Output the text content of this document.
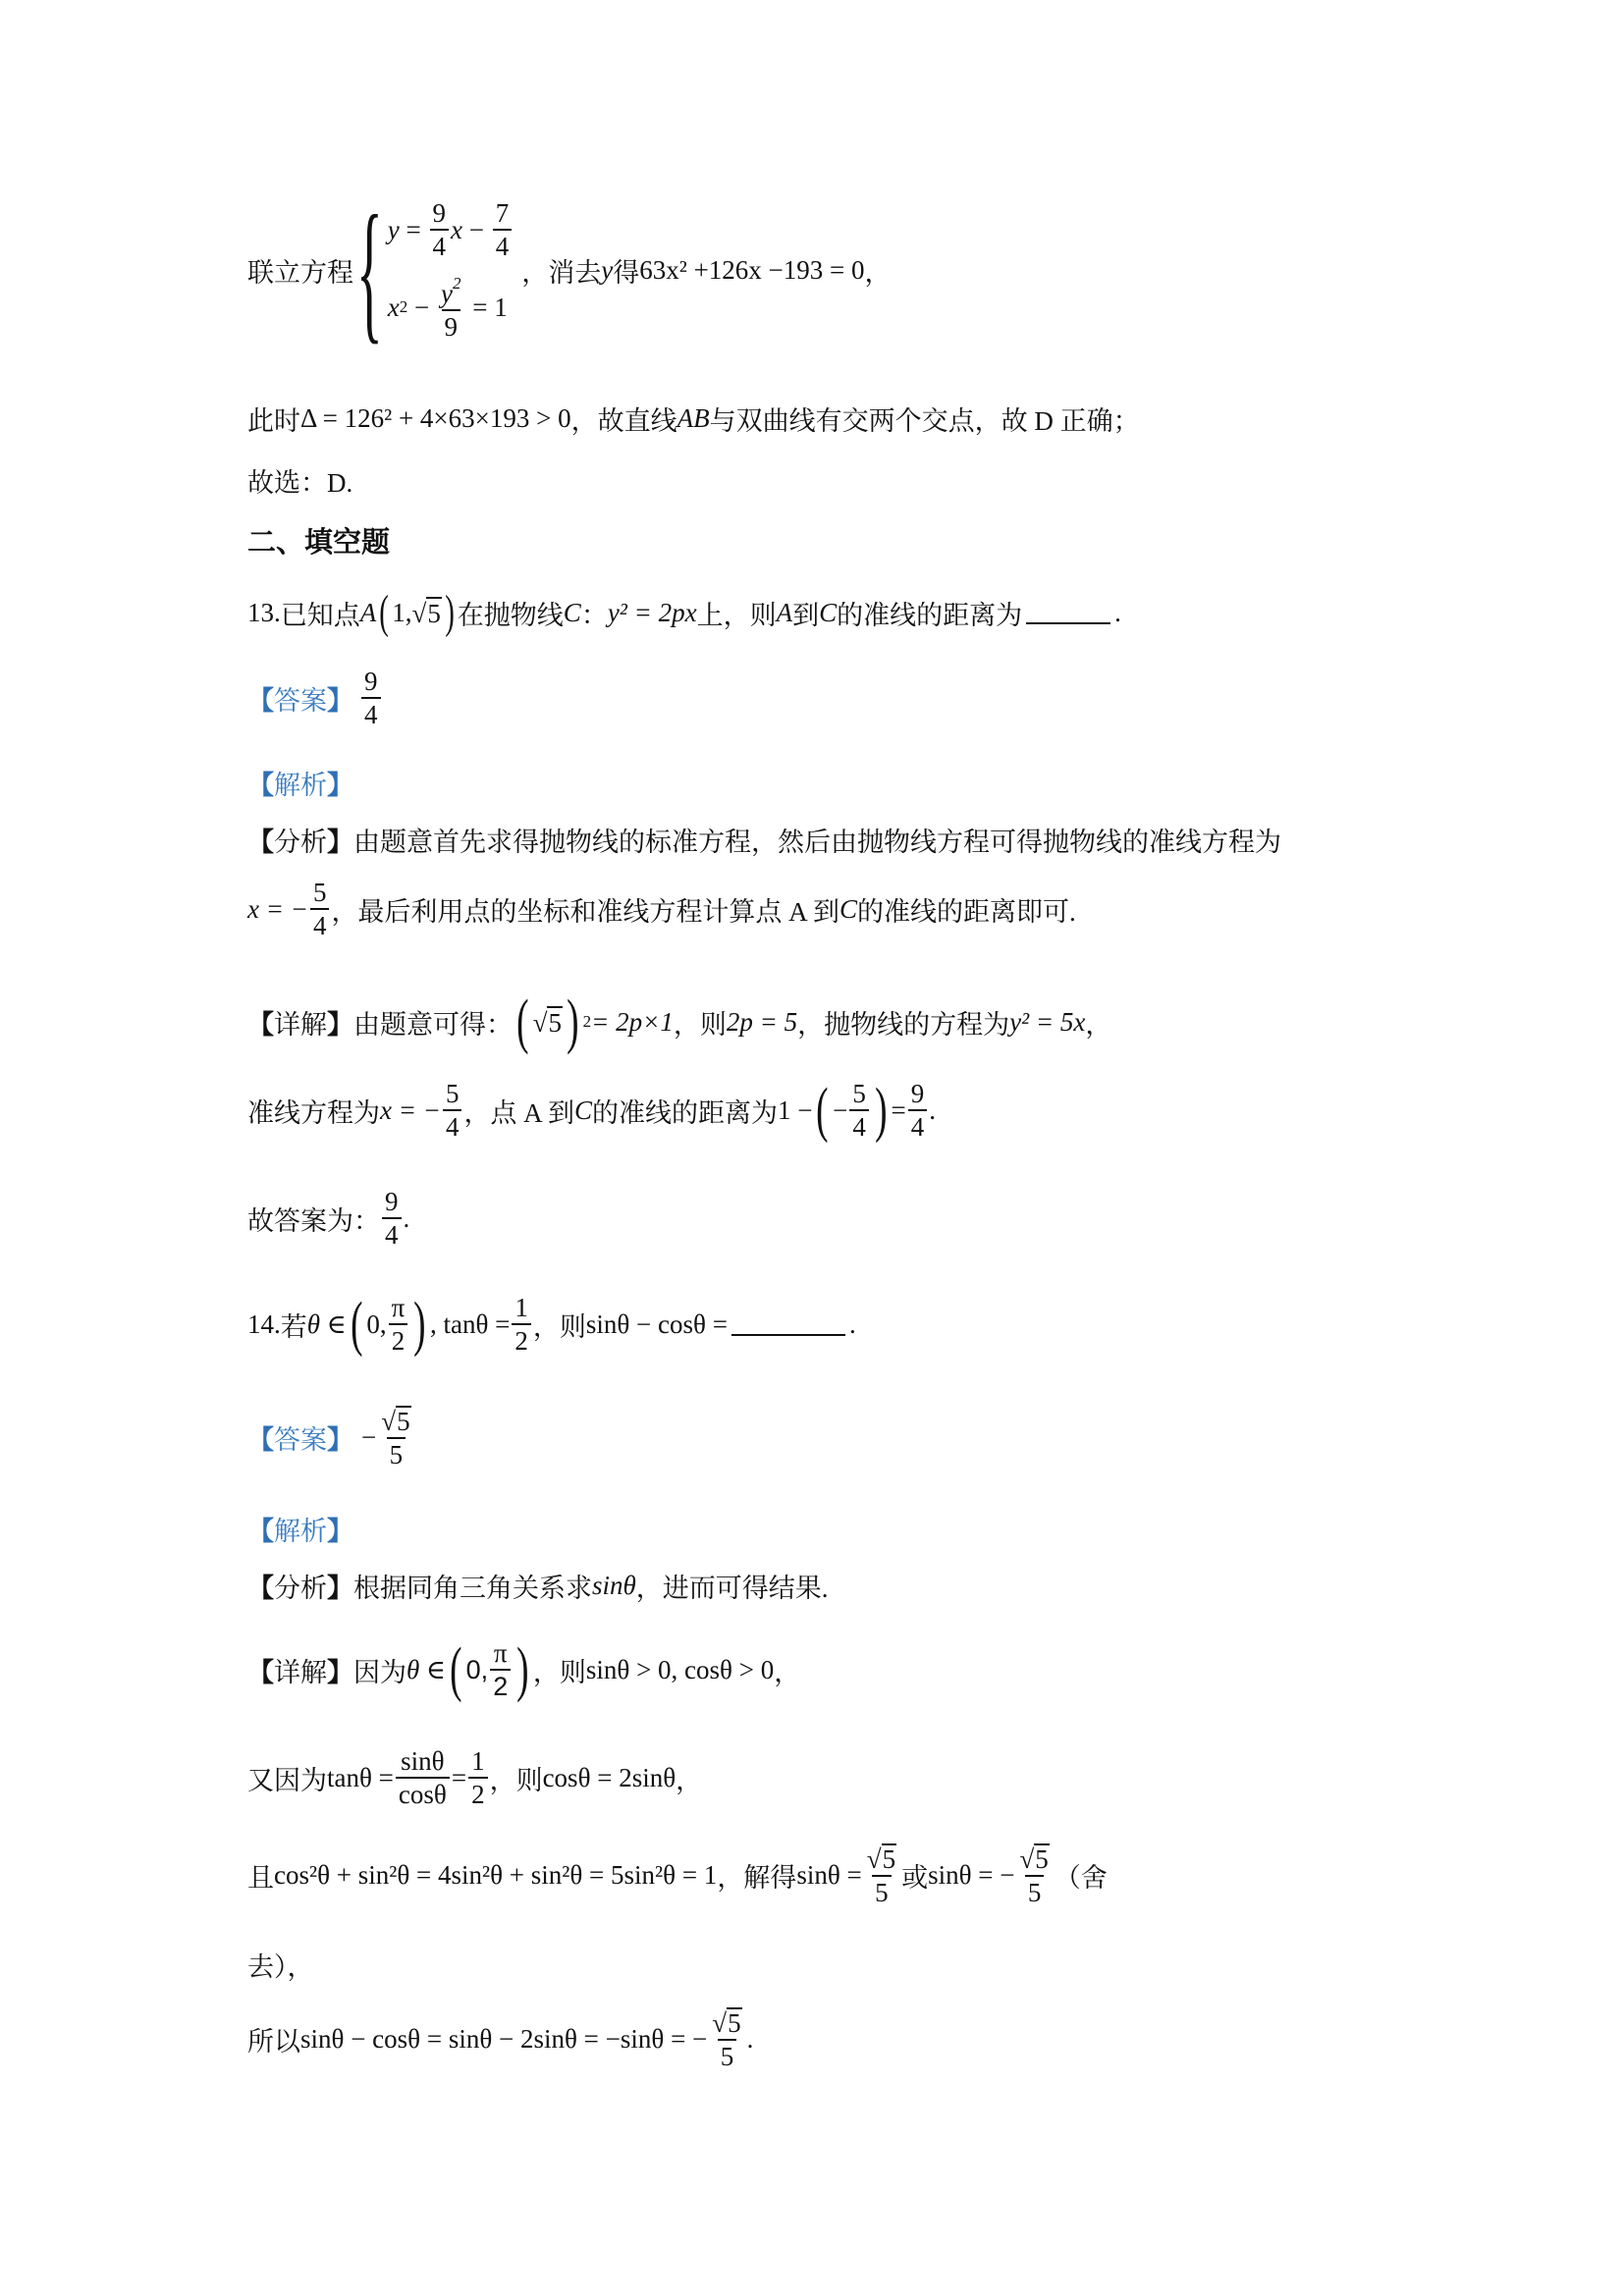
联立方程 { $y = \frac{9}{4}$ $x - \frac{7}{4}$
x $2 - \frac{y^2}{9} = 1$
，消去 y 得 63x² +126x −193 = 0 ，
此时 Δ = 126² + 4×63×193 > 0 ，故直线 AB 与双曲线有交两个交点，故 D 正确；
故选：D.
二、填空题
13. 已知点 A ( 1, √ 5 ) 在抛物线 C ： y² = 2px 上，则 A 到 C 的准线的距离为	.
【答案】 $\frac{9}{4}$
【解析】
【分析】 由题意首先求得抛物线的标准方程，然后由抛物线方程可得抛物线的准线方程为
x = − $\frac{5}{4}$ ，最后利用点的坐标和准线方程计算点 A 到 C 的准线的距离即可.
【详解】 由题意可得： ( √ 5 ) 2 = 2p×1 ，则 2p = 5 ，抛物线的方程为 y² = 5x ，
准线方程为 x = − $\frac{5}{4}$ ，点 A 到 C 的准线的距离为 1 − ( − $\frac{5}{4}$ ) = $\frac{9}{4}$ .
故答案为： $\frac{9}{4}$ .
14. 若 θ ∈ ( 0, $\frac{\pi}{2}$ ) , $\tan\theta = \frac{1}{2}$ ，则 sinθ − cosθ =	.
【答案】 − $\frac{√ 5}{5}$
【解析】
【分析】 根据同角三角关系求 sinθ ，进而可得结果.
【详解】 因为 θ ∈ ( 0, $\frac{\pi}{2}$ ) ，则 sinθ > 0, cosθ > 0 ，
又因为 $\tan\theta = \frac{\sin\theta}{\cos\theta} = \frac{1}{2}$ ，则 cosθ = 2sinθ ，
且 cos²θ + sin²θ = 4sin²θ + sin²θ = 5sin²θ = 1 ，解得 $\sin\theta = \frac{√ 5}{5}$ 或 sinθ = − $\frac{√ 5}{5}$ （舍
去），
所以 sinθ − cosθ = sinθ − 2sinθ = −sinθ = − $\frac{√ 5}{5}$ .
